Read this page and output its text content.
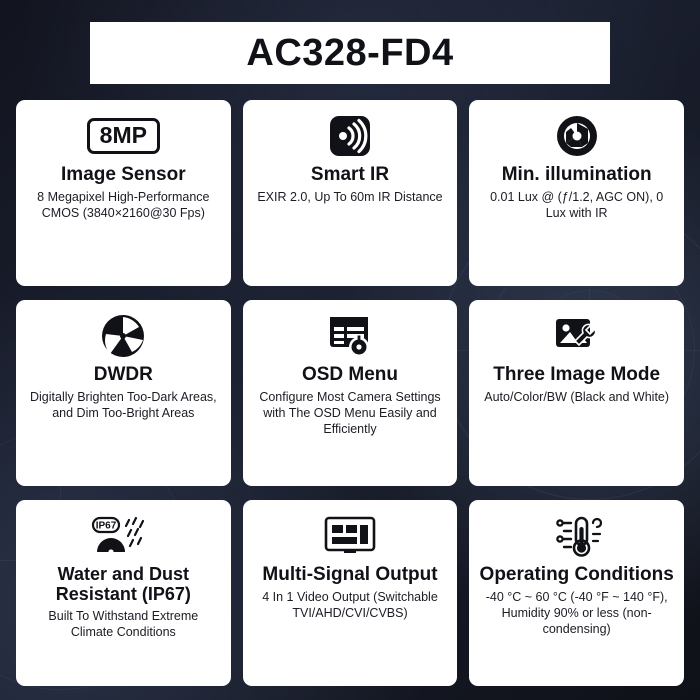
AC328-FD4
8MP
Image Sensor
8 Megapixel High-Performance CMOS (3840×2160@30 Fps)
Smart IR
EXIR 2.0, Up To 60m IR Distance
Min. illumination
0.01 Lux @ (ƒ/1.2, AGC ON), 0 Lux with IR
DWDR
Digitally Brighten Too-Dark Areas, and Dim Too-Bright Areas
OSD Menu
Configure Most Camera Settings with The OSD Menu Easily and Efficiently
Three Image Mode
Auto/Color/BW (Black and White)
IP67
Water and Dust Resistant (IP67)
Built To Withstand Extreme Climate Conditions
Multi-Signal Output
4 In 1 Video Output (Switchable TVI/AHD/CVI/CVBS)
Operating Conditions
-40 °C ~ 60 °C (-40 °F ~ 140 °F), Humidity 90% or less (non-condensing)
